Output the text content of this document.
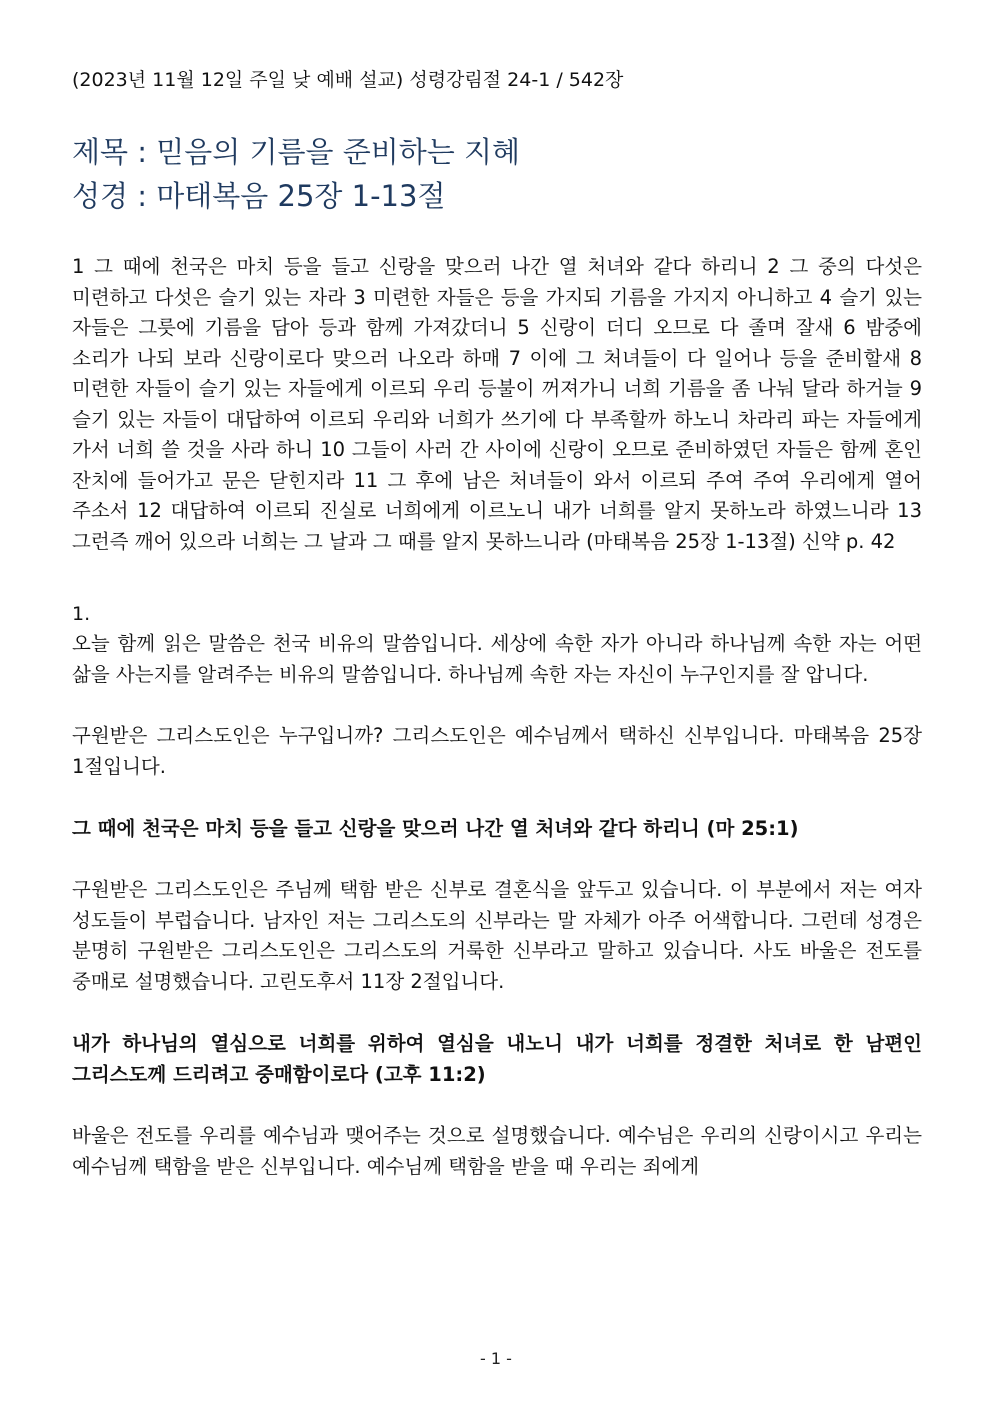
(2023년 11월 12일 주일 낮 예배 설교) 성령강림절 24-1 / 542장
제목 : 믿음의 기름을 준비하는 지혜
성경 : 마태복음 25장 1-13절

1 그 때에 천국은 마치 등을 들고 신랑을 맞으러 나간 열 처녀와 같다 하리니 2 그 중의 다섯은 미련하고 다섯은 슬기 있는 자라 3 미련한 자들은 등을 가지되 기름을 가지지 아니하고 4 슬기 있는 자들은 그릇에 기름을 담아 등과 함께 가져갔더니 5 신랑이 더디 오므로 다 졸며 잘새 6 밤중에 소리가 나되 보라 신랑이로다 맞으러 나오라 하매 7 이에 그 처녀들이 다 일어나 등을 준비할새 8 미련한 자들이 슬기 있는 자들에게 이르되 우리 등불이 꺼져가니 너희 기름을 좀 나눠 달라 하거늘 9 슬기 있는 자들이 대답하여 이르되 우리와 너희가 쓰기에 다 부족할까 하노니 차라리 파는 자들에게 가서 너희 쓸 것을 사라 하니 10 그들이 사러 간 사이에 신랑이 오므로 준비하였던 자들은 함께 혼인 잔치에 들어가고 문은 닫힌지라 11 그 후에 남은 처녀들이 와서 이르되 주여 주여 우리에게 열어 주소서 12 대답하여 이르되 진실로 너희에게 이르노니 내가 너희를 알지 못하노라 하였느니라 13 그런즉 깨어 있으라 너희는 그 날과 그 때를 알지 못하느니라 (마태복음 25장 1-13절) 신약 p. 42

1.

오늘 함께 읽은 말씀은 천국 비유의 말씀입니다. 세상에 속한 자가 아니라 하나님께 속한 자는 어떤 삶을 사는지를 알려주는 비유의 말씀입니다. 하나님께 속한 자는 자신이 누구인지를 잘 압니다.

구원받은 그리스도인은 누구입니까? 그리스도인은 예수님께서 택하신 신부입니다. 마태복음 25장 1절입니다.

그 때에 천국은 마치 등을 들고 신랑을 맞으러 나간 열 처녀와 같다 하리니 (마 25:1)

구원받은 그리스도인은 주님께 택함 받은 신부로 결혼식을 앞두고 있습니다. 이 부분에서 저는 여자 성도들이 부럽습니다. 남자인 저는 그리스도의 신부라는 말 자체가 아주 어색합니다. 그런데 성경은 분명히 구원받은 그리스도인은 그리스도의 거룩한 신부라고 말하고 있습니다. 사도 바울은 전도를 중매로 설명했습니다. 고린도후서 11장 2절입니다.

내가 하나님의 열심으로 너희를 위하여 열심을 내노니 내가 너희를 정결한 처녀로 한 남편인 그리스도께 드리려고 중매함이로다 (고후 11:2)

바울은 전도를 우리를 예수님과 맺어주는 것으로 설명했습니다. 예수님은 우리의 신랑이시고 우리는 예수님께 택함을 받은 신부입니다. 예수님께 택함을 받을 때 우리는 죄에게

- 1 -
